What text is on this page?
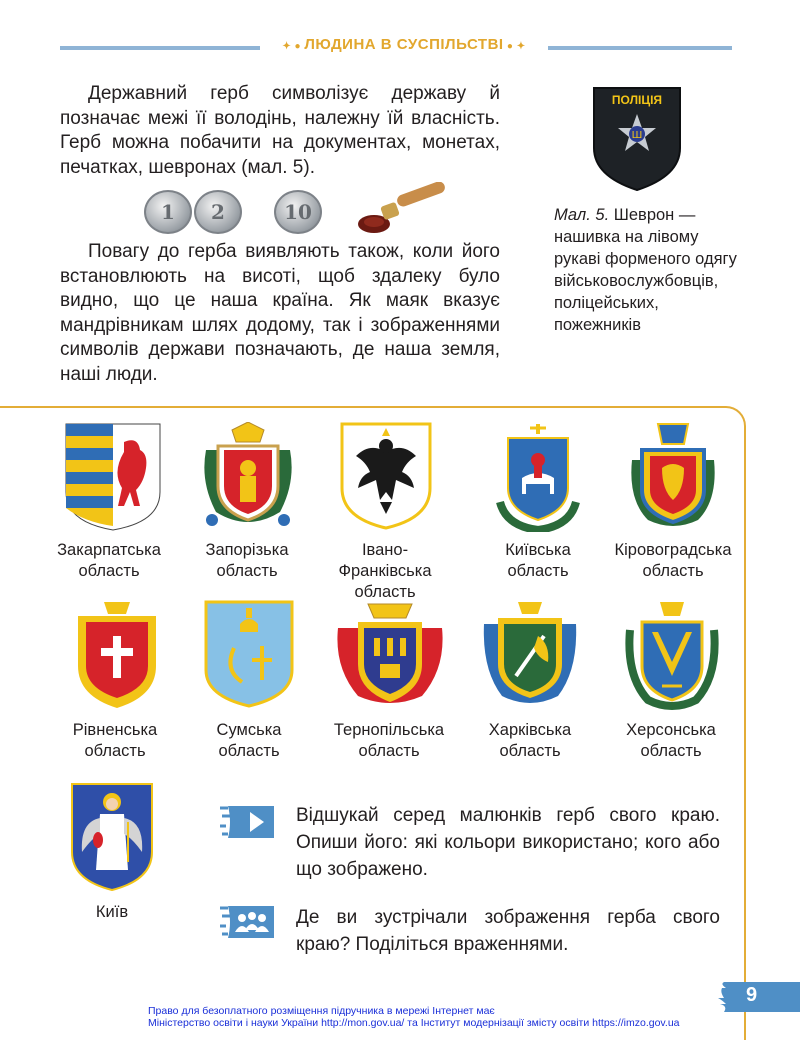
✦ ● ЛЮДИНА В СУСПІЛЬСТВІ ● ✦

Державний герб символізує державу й позначає межі її володінь, належну їй власність. Герб можна побачити на документах, монетах, печатках, шевронах (мал. 5).

1 2	10

Повагу до герба виявляють також, коли його встановлюють на висоті, щоб здалеку було видно, що це наша країна. Як маяк вказує мандрівникам шлях додому, так і зображеннями символів держави позначають, де наша земля, наші люди.

ПОЛІЦІЯ
Ш
Мал. 5. Шеврон — нашивка на лівому рукаві форменого одягу військовослужбовців, поліцейських, пожежників
Закарпатська
область
Запорізька
область
Івано-
Франківська
область
Київська
область
Кіровоградська
область
Рівненська
область
Сумська
область
Тернопільська
область
Харківська
область
Херсонська
область
Київ

Відшукай серед малюнків герб свого краю. Опиши його: які кольори використано; кого або що зображено.

Де ви зустрічали зображення герба свого краю? Поділіться враженнями.

9
Право для безоплатного розміщення підручника в мережі Інтернет має
Міністерство освіти і науки України http://mon.gov.ua/ та Інститут модернізації змісту освіти https://imzo.gov.ua
